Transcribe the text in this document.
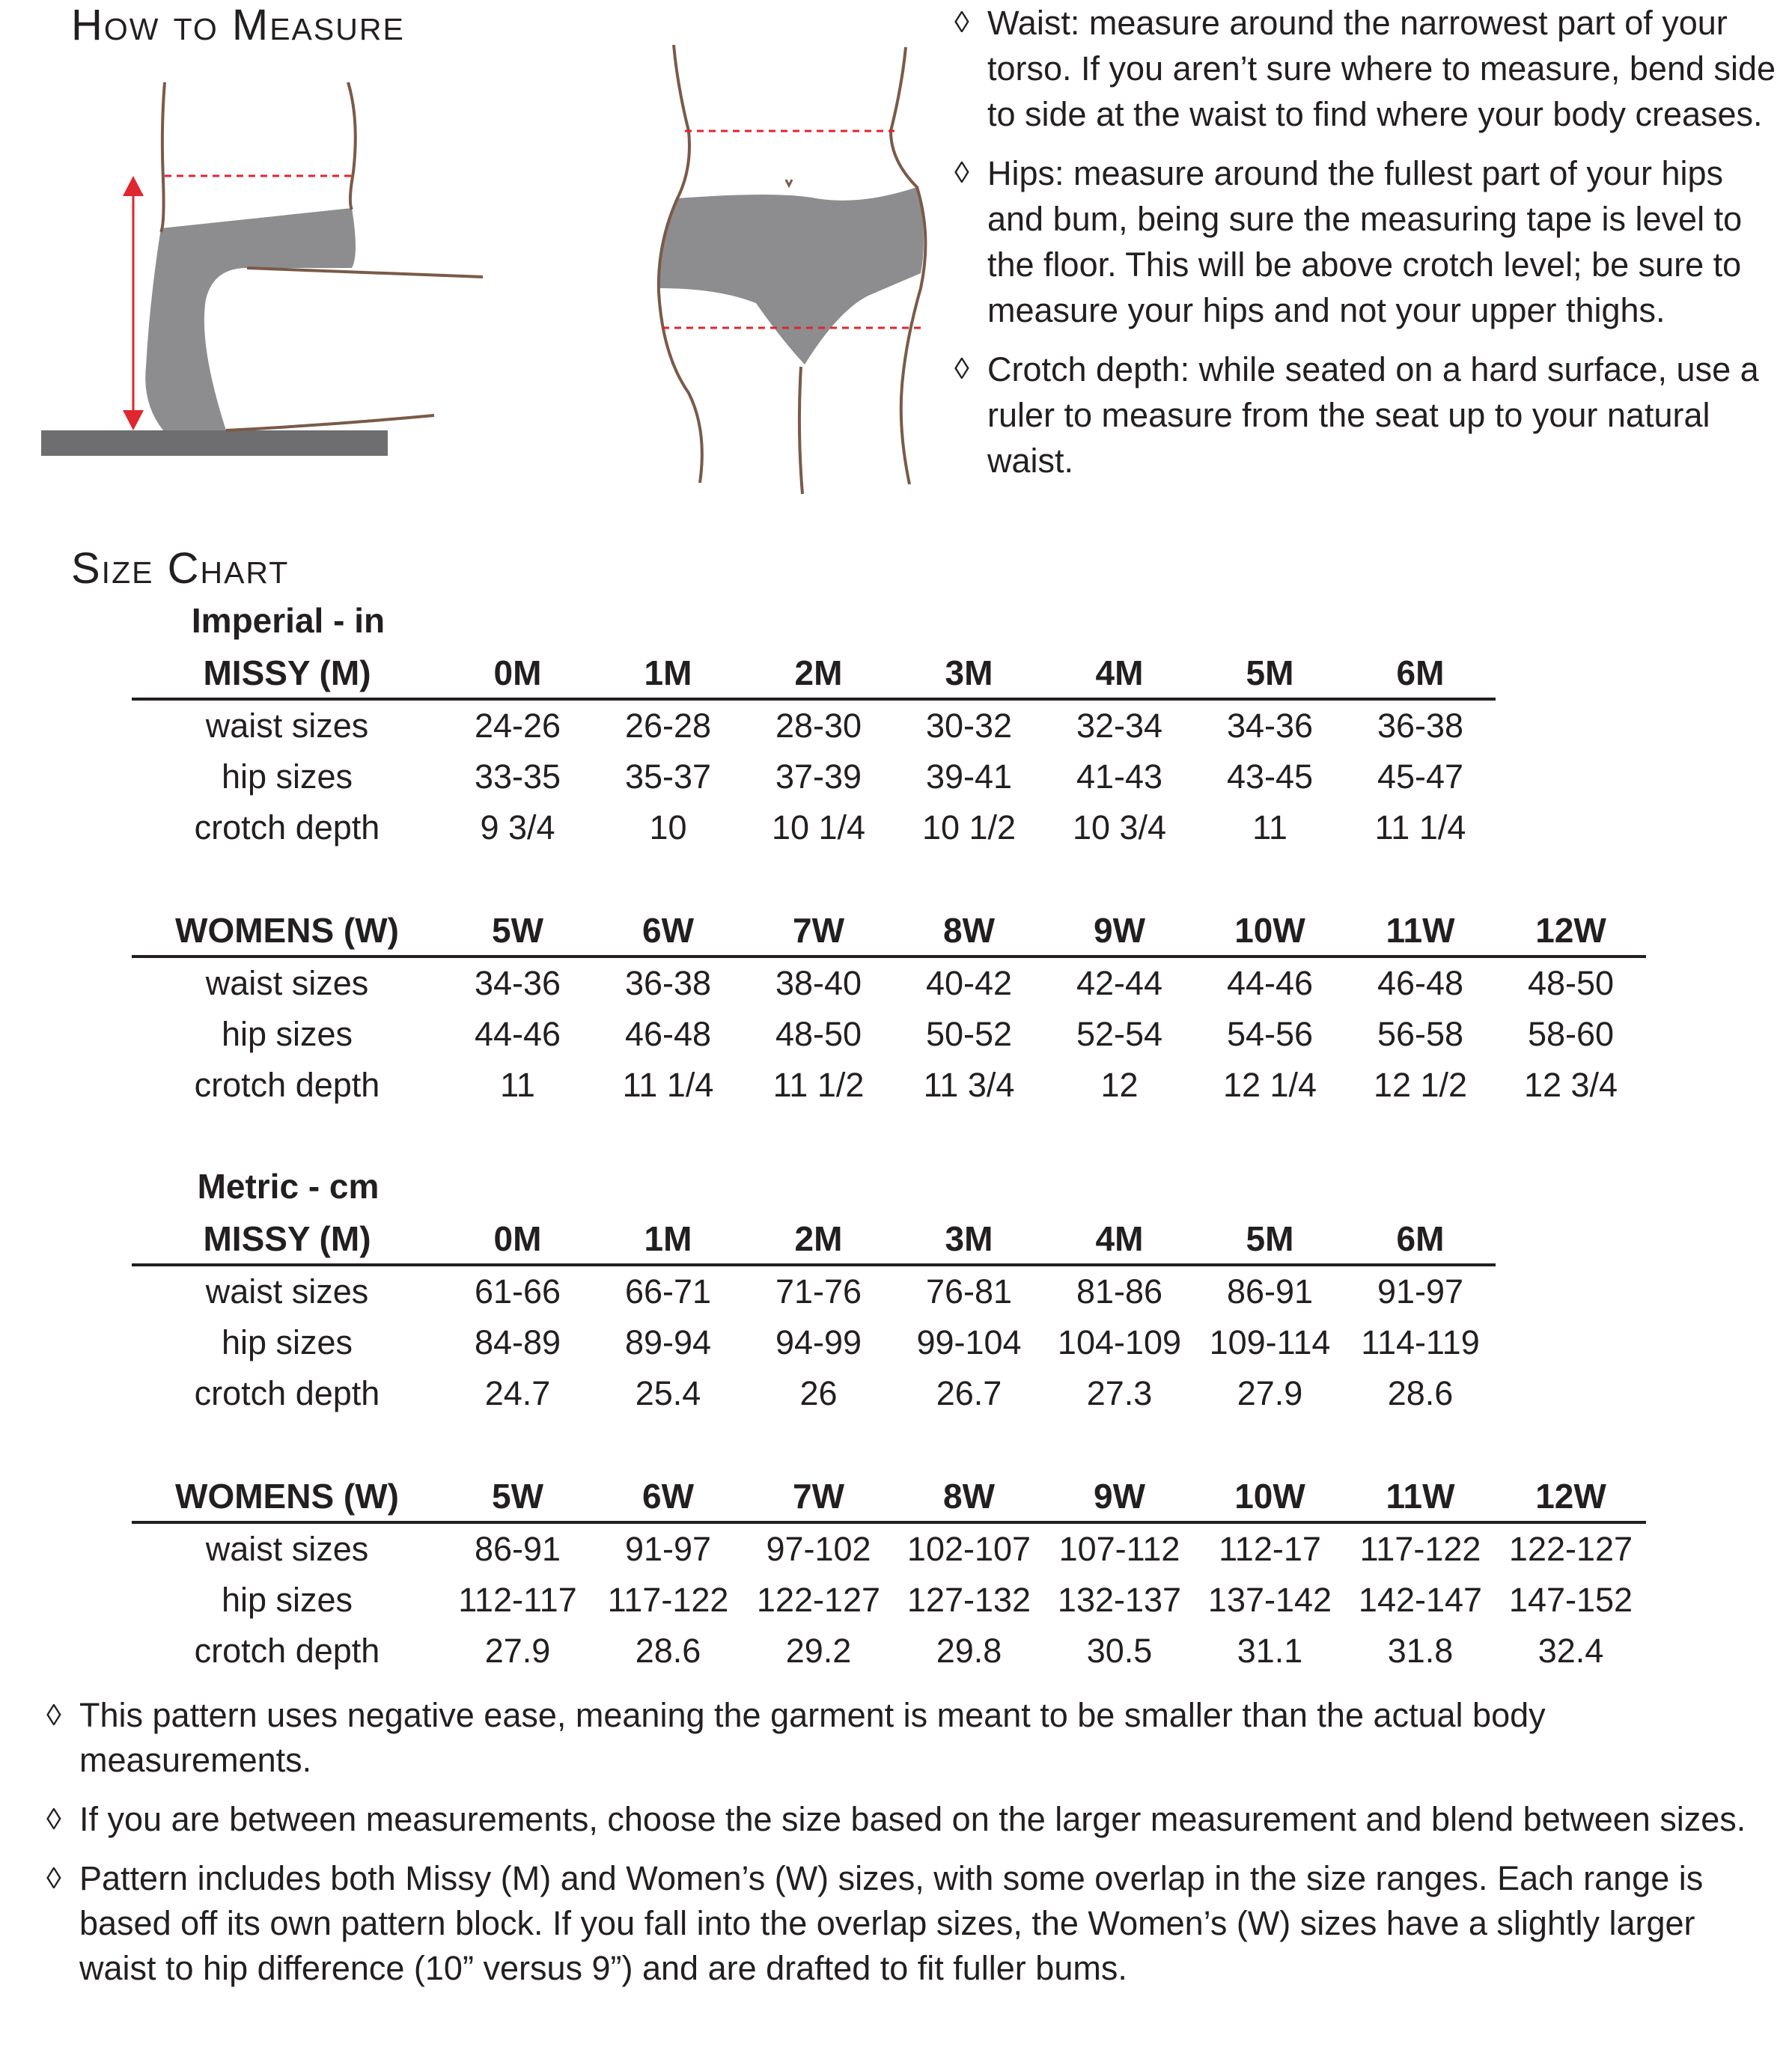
How to Measure	◊ Waist: measure around the narrowest part of your torso. If you aren’t sure where to measure, bend side to side at the waist to find where your body creases.
◊ Hips: measure around the fullest part of your hips and bum, being sure the measuring tape is level to the floor. This will be above crotch level; be sure to measure your hips and not your upper thighs.
◊ Crotch depth: while seated on a hard surface, use a ruler to measure from the seat up to your natural waist.
Size Chart
Imperial - in
MISSY (M)	0M	1M	2M	3M	4M	5M	6M
waist sizes	24-26	26-28	28-30	30-32	32-34	34-36	36-38
hip sizes	33-35	35-37	37-39	39-41	41-43	43-45	45-47
crotch depth	9 3/4	10	10 1/4	10 1/2	10 3/4	11	11 1/4
WOMENS (W)	5W	6W	7W	8W	9W	10W	11W	12W
waist sizes	34-36	36-38	38-40	40-42	42-44	44-46	46-48	48-50
hip sizes	44-46	46-48	48-50	50-52	52-54	54-56	56-58	58-60
crotch depth	11	11 1/4	11 1/2	11 3/4	12	12 1/4	12 1/2	12 3/4
Metric - cm
MISSY (M)	0M	1M	2M	3M	4M	5M	6M
waist sizes	61-66	66-71	71-76	76-81	81-86	86-91	91-97
hip sizes	84-89	89-94	94-99	99-104	104-109	109-114	114-119
crotch depth	24.7	25.4	26	26.7	27.3	27.9	28.6
WOMENS (W)	5W	6W	7W	8W	9W	10W	11W	12W
waist sizes	86-91	91-97	97-102	102-107	107-112	112-17	117-122	122-127
hip sizes	112-117	117-122	122-127	127-132	132-137	137-142	142-147	147-152
crotch depth	27.9	28.6	29.2	29.8	30.5	31.1	31.8	32.4
◊ This pattern uses negative ease, meaning the garment is meant to be smaller than the actual body measurements.
◊ If you are between measurements, choose the size based on the larger measurement and blend between sizes.
◊ Pattern includes both Missy (M) and Women’s (W) sizes, with some overlap in the size ranges. Each range is based off its own pattern block. If you fall into the overlap sizes, the Women’s (W) sizes have a slightly larger waist to hip difference (10” versus 9”) and are drafted to fit fuller bums.
